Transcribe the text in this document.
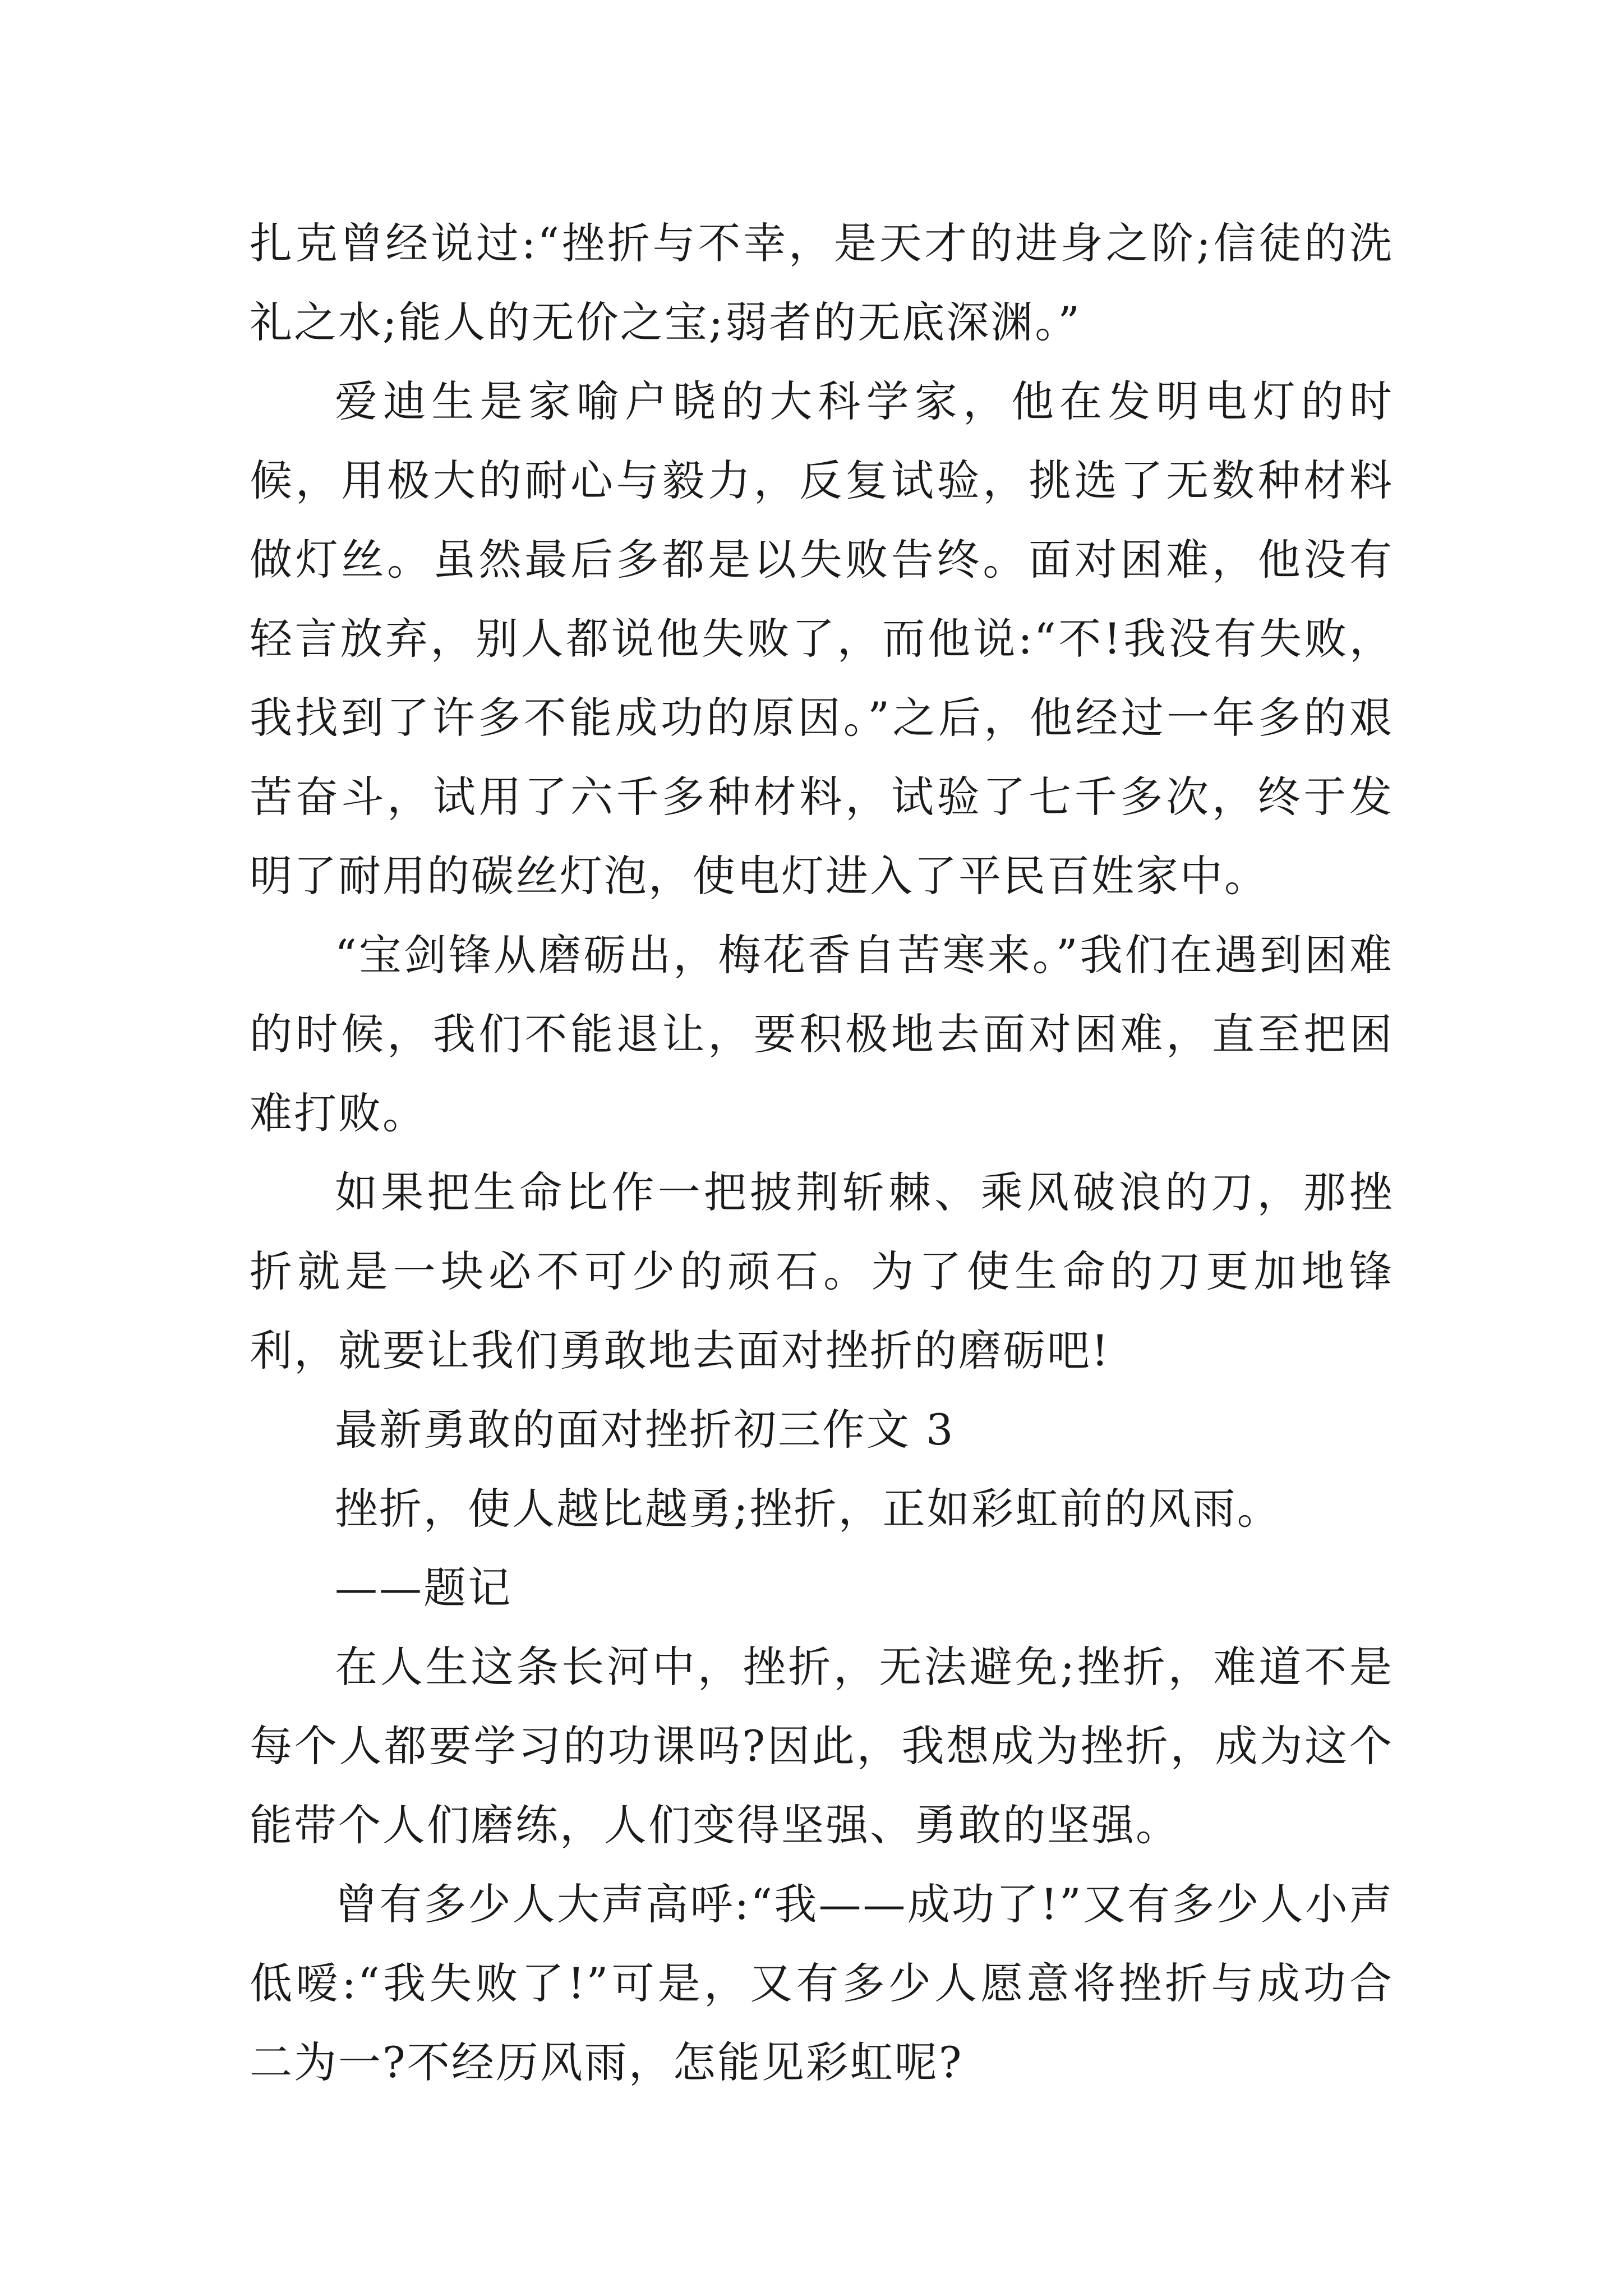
扎克曾经说过:“挫折与不幸，是天才的进身之阶;信徒的洗礼之水;能人的无价之宝;弱者的无底深渊。”

爱迪生是家喻户晓的大科学家，他在发明电灯的时候，用极大的耐心与毅力，反复试验，挑选了无数种材料做灯丝。虽然最后多都是以失败告终。面对困难，他没有轻言放弃，别人都说他失败了，而他说:“不!我没有失败，我找到了许多不能成功的原因。”之后，他经过一年多的艰苦奋斗，试用了六千多种材料，试验了七千多次，终于发明了耐用的碳丝灯泡，使电灯进入了平民百姓家中。

“宝剑锋从磨砺出，梅花香自苦寒来。”我们在遇到困难的时候，我们不能退让，要积极地去面对困难，直至把困难打败。

如果把生命比作一把披荆斩棘、乘风破浪的刀，那挫折就是一块必不可少的顽石。为了使生命的刀更加地锋利，就要让我们勇敢地去面对挫折的磨砺吧!

最新勇敢的面对挫折初三作文 3

挫折，使人越比越勇;挫折，正如彩虹前的风雨。

——题记

在人生这条长河中，挫折，无法避免;挫折，难道不是每个人都要学习的功课吗?因此，我想成为挫折，成为这个能带个人们磨练，人们变得坚强、勇敢的坚强。

曾有多少人大声高呼:“我——成功了!”又有多少人小声低嗳:“我失败了!”可是，又有多少人愿意将挫折与成功合二为一?不经历风雨，怎能见彩虹呢?
